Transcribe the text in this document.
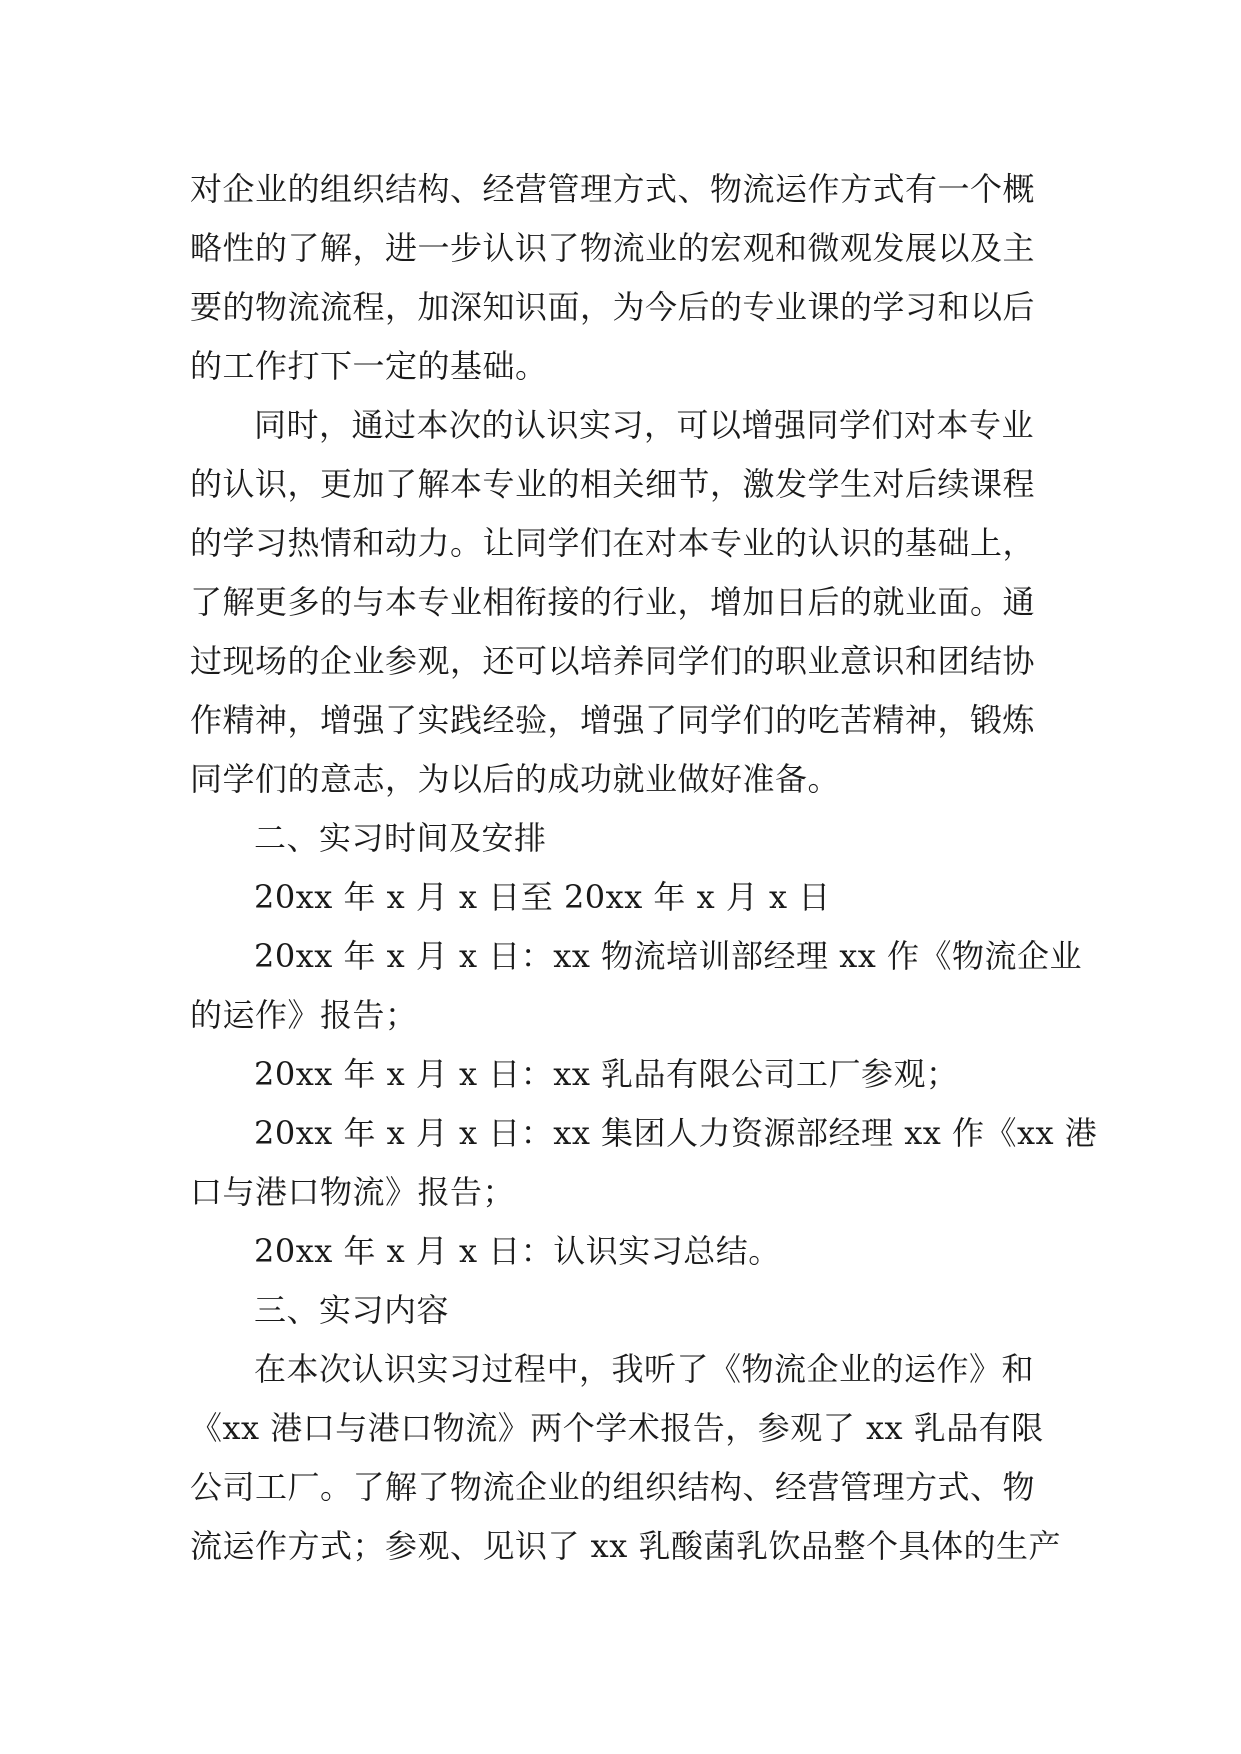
对企业的组织结构、经营管理方式、物流运作方式有一个概
略性的了解，进一步认识了物流业的宏观和微观发展以及主
要的物流流程，加深知识面，为今后的专业课的学习和以后
的工作打下一定的基础。
同时，通过本次的认识实习，可以增强同学们对本专业
的认识，更加了解本专业的相关细节，激发学生对后续课程
的学习热情和动力。让同学们在对本专业的认识的基础上，
了解更多的与本专业相衔接的行业，增加日后的就业面。通
过现场的企业参观，还可以培养同学们的职业意识和团结协
作精神，增强了实践经验，增强了同学们的吃苦精神，锻炼
同学们的意志，为以后的成功就业做好准备。
二、实习时间及安排
20xx 年 x 月 x 日至 20xx 年 x 月 x 日
20xx 年 x 月 x 日：xx 物流培训部经理 xx 作《物流企业
的运作》报告；
20xx 年 x 月 x 日：xx 乳品有限公司工厂参观；
20xx 年 x 月 x 日：xx 集团人力资源部经理 xx 作《xx 港
口与港口物流》报告；
20xx 年 x 月 x 日：认识实习总结。
三、实习内容
在本次认识实习过程中，我听了《物流企业的运作》和
《xx 港口与港口物流》两个学术报告，参观了 xx 乳品有限
公司工厂。了解了物流企业的组织结构、经营管理方式、物
流运作方式；参观、见识了 xx 乳酸菌乳饮品整个具体的生产
